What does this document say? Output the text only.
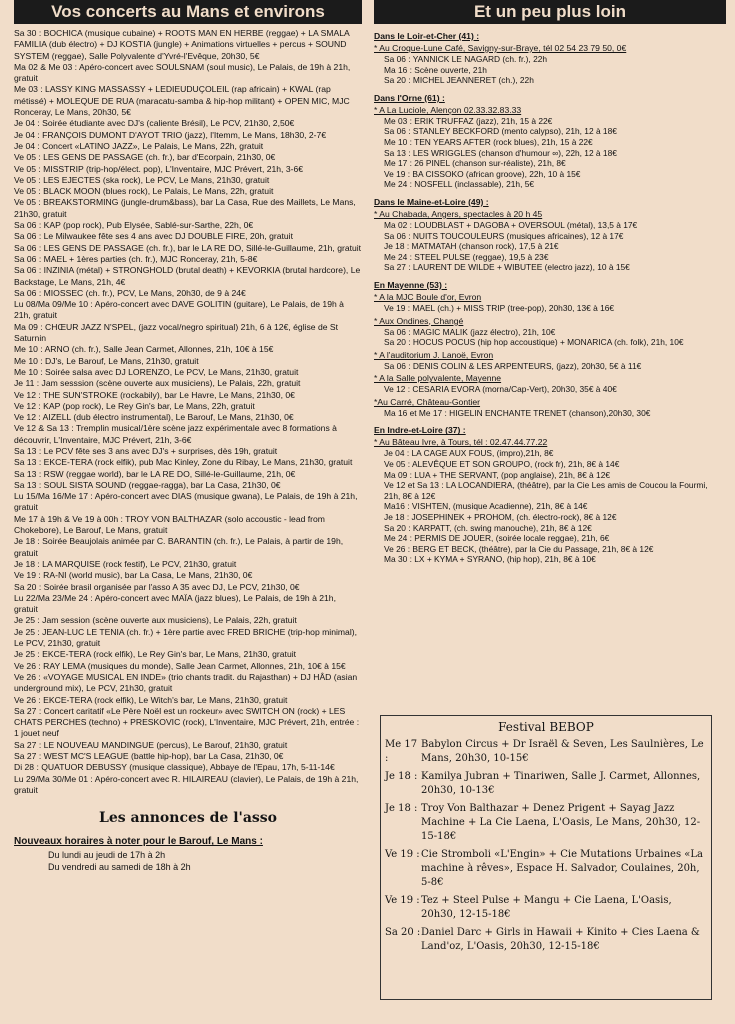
Vos concerts au Mans et environs

Sa 30 : BOCHICA (musique cubaine) + ROOTS MAN EN HERBE (reggae) + LA SMALA FAMILIA (dub électro) + DJ KOSTIA (jungle) + Animations virtuelles + percus + SOUND SYSTEM (reggae), Salle Polyvalente d'Yvré-l'Evêque, 20h30, 5€

Ma 02 & Me 03 : Apéro-concert avec SOULSNAM (soul music), Le Palais, de 19h à 21h, gratuit

Me 03 : LASSY KING MASSASSY + LEDIEUDUÇOLEIL (rap africain) + KWAL (rap métissé) + MOLEQUE DE RUA (maracatu-samba & hip-hop militant) + OPEN MIC, MJC Ronceray, Le Mans, 20h30, 5€

Je 04 : Soirée étudiante avec DJ's (caliente Brésil), Le PCV, 21h30, 2,50€

Je 04 : FRANÇOIS DUMONT D'AYOT TRIO (jazz), l'Itemm, Le Mans, 18h30, 2-7€

Je 04 : Concert «LATINO JAZZ», Le Palais, Le Mans, 22h, gratuit

Ve 05 : LES GENS DE PASSAGE (ch. fr.), bar d'Ecorpain, 21h30, 0€

Ve 05 : MISSTRIP (trip-hop/élect. pop), L'Inventaire, MJC Prévert, 21h, 3-6€

Ve 05 : LES EJECTES (ska rock), Le PCV, Le Mans, 21h30, gratuit

Ve 05 : BLACK MOON (blues rock), Le Palais, Le Mans, 22h, gratuit

Ve 05 : BREAKSTORMING (jungle-drum&bass), bar La Casa, Rue des Maillets, Le Mans, 21h30, gratuit

Sa 06 : KAP (pop rock), Pub Elysée, Sablé-sur-Sarthe, 22h, 0€

Sa 06 : Le Milwaukee fête ses 4 ans avec DJ DOUBLE FIRE, 20h, gratuit

Sa 06 : LES GENS DE PASSAGE (ch. fr.), bar le LA RE DO, Sillé-le-Guillaume, 21h, gratuit

Sa 06 : MAEL + 1ères parties (ch. fr.), MJC Ronceray, 21h, 5-8€

Sa 06 : INZINIA (métal) + STRONGHOLD (brutal death) + KEVORKIA (brutal hardcore), Le Backstage, Le Mans, 21h, 4€

Sa 06 : MIOSSEC (ch. fr.), PCV, Le Mans, 20h30, de 9 à 24€

Lu 08/Ma 09/Me 10 : Apéro-concert avec DAVE GOLITIN (guitare), Le Palais, de 19h à 21h, gratuit

Ma 09 : CHŒUR JAZZ N'SPEL, (jazz vocal/negro spiritual) 21h, 6 à 12€, église de St Saturnin

Me 10 : ARNO (ch. fr.), Salle Jean Carmet, Allonnes, 21h, 10€ à 15€

Me 10 : DJ's, Le Barouf, Le Mans, 21h30, gratuit

Me 10 : Soirée salsa avec DJ LORENZO, Le PCV, Le Mans, 21h30, gratuit

Je 11 : Jam sesssion (scène ouverte aux musiciens), Le Palais, 22h, gratuit

Ve 12 : THE SUN'STROKE (rockabily), bar Le Havre, Le Mans, 21h30, 0€

Ve 12 : KAP (pop rock), Le Rey Gin's bar, Le Mans, 22h, gratuit

Ve 12 : AIZELL (dub électro instrumental), Le Barouf, Le Mans, 21h30, 0€

Ve 12 & Sa 13 : Tremplin musical/1ère scène jazz expérimentale avec 8 formations à découvrir, L'Inventaire, MJC Prévert, 21h, 3-6€

Sa 13 : Le PCV fête ses 3 ans avec DJ's + surprises, dès 19h, gratuit

Sa 13 : EKCE-TERA (rock elfik), pub Mac Kinley, Zone du Ribay, Le Mans, 21h30, gratuit

Sa 13 : RSW (reggae world), bar le LA RE DO, Sillé-le-Guillaume, 21h, 0€

Sa 13 : SOUL SISTA SOUND (reggae-ragga), bar La Casa, 21h30, 0€

Lu 15/Ma 16/Me 17 : Apéro-concert avec DIAS (musique gwana), Le Palais, de 19h à 21h, gratuit

Me 17 à 19h & Ve 19 à 00h : TROY VON BALTHAZAR (solo accoustic - lead from Chokebore), Le Barouf, Le Mans, gratuit

Je 18 : Soirée Beaujolais animée par C. BARANTIN (ch. fr.), Le Palais, à partir de 19h, gratuit

Je 18 : LA MARQUISE (rock festif), Le PCV, 21h30, gratuit

Ve 19 : RA-NI (world music), bar La Casa, Le Mans, 21h30, 0€

Sa 20 : Soirée brasil organisée par l'asso A 35 avec DJ, Le PCV, 21h30, 0€

Lu 22/Ma 23/Me 24 : Apéro-concert avec MAÏA (jazz blues), Le Palais, de 19h à 21h, gratuit

Je 25 : Jam session (scène ouverte aux musiciens), Le Palais, 22h, gratuit

Je 25 : JEAN-LUC LE TENIA (ch. fr.) + 1ère partie avec FRED BRICHE (trip-hop minimal), Le PCV, 21h30, gratuit

Je 25 : EKCE-TERA (rock elfik), Le Rey Gin's bar, Le Mans, 21h30, gratuit

Ve 26 : RAY LEMA (musiques du monde), Salle Jean Carmet, Allonnes, 21h, 10€ à 15€

Ve 26 : «VOYAGE MUSICAL EN INDE» (trio chants tradit. du Rajasthan) + DJ HÂD (asian underground mix), Le PCV, 21h30, gratuit

Ve 26 : EKCE-TERA (rock elfik), Le Witch's bar, Le Mans, 21h30, gratuit

Sa 27 : Concert caritatif «Le Père Noël est un rockeur» avec SWITCH ON (rock) + LES CHATS PERCHES (techno) + PRESKOVIC (rock), L'Inventaire, MJC Prévert, 21h, entrée : 1 jouet neuf

Sa 27 : LE NOUVEAU MANDINGUE (percus), Le Barouf, 21h30, gratuit

Sa 27 : WEST MC'S LEAGUE (battle hip-hop), bar La Casa, 21h30, 0€

Di 28 : QUATUOR DEBUSSY (musique classique), Abbaye de l'Epau, 17h, 5-11-14€

Lu 29/Ma 30/Me 01 : Apéro-concert avec R. HILAIREAU (clavier), Le Palais, de 19h à 21h, gratuit

Les annonces de l'asso
Nouveaux horaires à noter pour le Barouf, Le Mans :
Du lundi au jeudi de 17h à 2h
Du vendredi au samedi de 18h à 2h
Et un peu plus loin
Dans le Loir-et-Cher (41) :
* Au Croque-Lune Café, Savigny-sur-Braye, tél 02 54 23 79 50, 0€
Sa 06 : YANNICK LE NAGARD (ch. fr.), 22h
Ma 16 : Scène ouverte, 21h
Sa 20 : MICHEL JEANNERET (ch.), 22h
Dans l'Orne (61) :
* A La Luciole, Alençon 02.33.32.83.33
Me 03 : ERIK TRUFFAZ (jazz), 21h, 15 à 22€
Sa 06 : STANLEY BECKFORD (mento calypso), 21h, 12 à 18€
Me 10 : TEN YEARS AFTER (rock blues), 21h, 15 à 22€
Sa 13 : LES WRIGGLES (chanson d'humour ∞), 22h, 12 à 18€
Me 17 : 26 PINEL (chanson sur-réaliste), 21h, 8€
Ve 19 : BA CISSOKO (african groove), 22h, 10 à 15€
Me 24 : NOSFELL (inclassable), 21h, 5€
Dans le Maine-et-Loire (49) :
* Au Chabada, Angers, spectacles à 20 h 45
Ma 02 : LOUDBLAST + DAGOBA + OVERSOUL (métal), 13,5 à 17€
Sa 06 : NUITS TOUCOULEURS (musiques africaines), 12 à 17€
Je 18 : MATMATAH (chanson rock), 17,5 à 21€
Me 24 : STEEL PULSE (reggae), 19,5 à 23€
Sa 27 : LAURENT DE WILDE + WIBUTEE (electro jazz), 10 à 15€
En Mayenne (53) :
* A la MJC Boule d'or, Evron
Ve 19 : MAEL (ch.) + MISS TRIP (tree-pop), 20h30, 13€ à 16€
* Aux Ondines, Changé
Sa 06 : MAGIC MALIK (jazz électro), 21h, 10€
Sa 20 : HOCUS POCUS (hip hop accoustique) + MONARICA (ch. folk), 21h, 10€
* A l'auditorium J. Lanoë, Evron
Sa 06 : DENIS COLIN & LES ARPENTEURS, (jazz), 20h30, 5€ à 11€
* A la Salle polyvalente, Mayenne
Ve 12 : CESARIA EVORA (morna/Cap-Vert), 20h30, 35€ à 40€
*Au Carré, Château-Gontier
Ma 16 et Me 17 : HIGELIN ENCHANTE TRENET (chanson),20h30, 30€
En Indre-et-Loire (37) :
* Au Bâteau Ivre, à Tours, tél : 02.47.44.77.22
Je 04 : LA CAGE AUX FOUS, (impro),21h, 8€
Ve 05 : ALEVÊQUE ET SON GROUPO, (rock fr), 21h, 8€ à 14€
Ma 09 : LUA + THE SERVANT, (pop anglaise), 21h, 8€ à 12€
Ve 12 et Sa 13 : LA LOCANDIERA, (théâtre), par la Cie Les amis de Coucou la Fourmi, 21h, 8€ à 12€
Ma16 : VISHTEN, (musique Acadienne), 21h, 8€ à 14€
Je 18 : JOSEPHINEK + PROHOM, (ch. électro-rock), 8€ à 12€
Sa 20 : KARPATT, (ch. swing manouche), 21h, 8€ à 12€
Me 24 : PERMIS DE JOUER, (soirée locale reggae), 21h, 6€
Ve 26 : BERG ET BECK, (théâtre), par la Cie du Passage, 21h, 8€ à 12€
Ma 30 : LX + KYMA + SYRANO, (hip hop), 21h, 8€ à 10€
Festival BEBOP
Me 17 :
Babylon Circus + Dr Israël & Seven, Les Saulnières, Le Mans, 20h30, 10-15€
Je 18 : Kamilya Jubran + Tinariwen, Salle J. Carmet, Allonnes, 20h30, 10-13€
Je 18 : Troy Von Balthazar + Denez Prigent + Sayag Jazz Machine + La Cie Laena, L'Oasis, Le Mans, 20h30, 12-15-18€
Ve 19 : Cie Stromboli «L'Engin» + Cie Mutations Urbaines «La machine à rêves», Espace H. Salvador, Coulaines, 20h, 5-8€
Ve 19 : Tez + Steel Pulse + Mangu + Cie Laena, L'Oasis, 20h30, 12-15-18€
Sa 20 : Daniel Darc + Girls in Hawaii + Kinito + Cies Laena & Land'oz, L'Oasis, 20h30, 12-15-18€
